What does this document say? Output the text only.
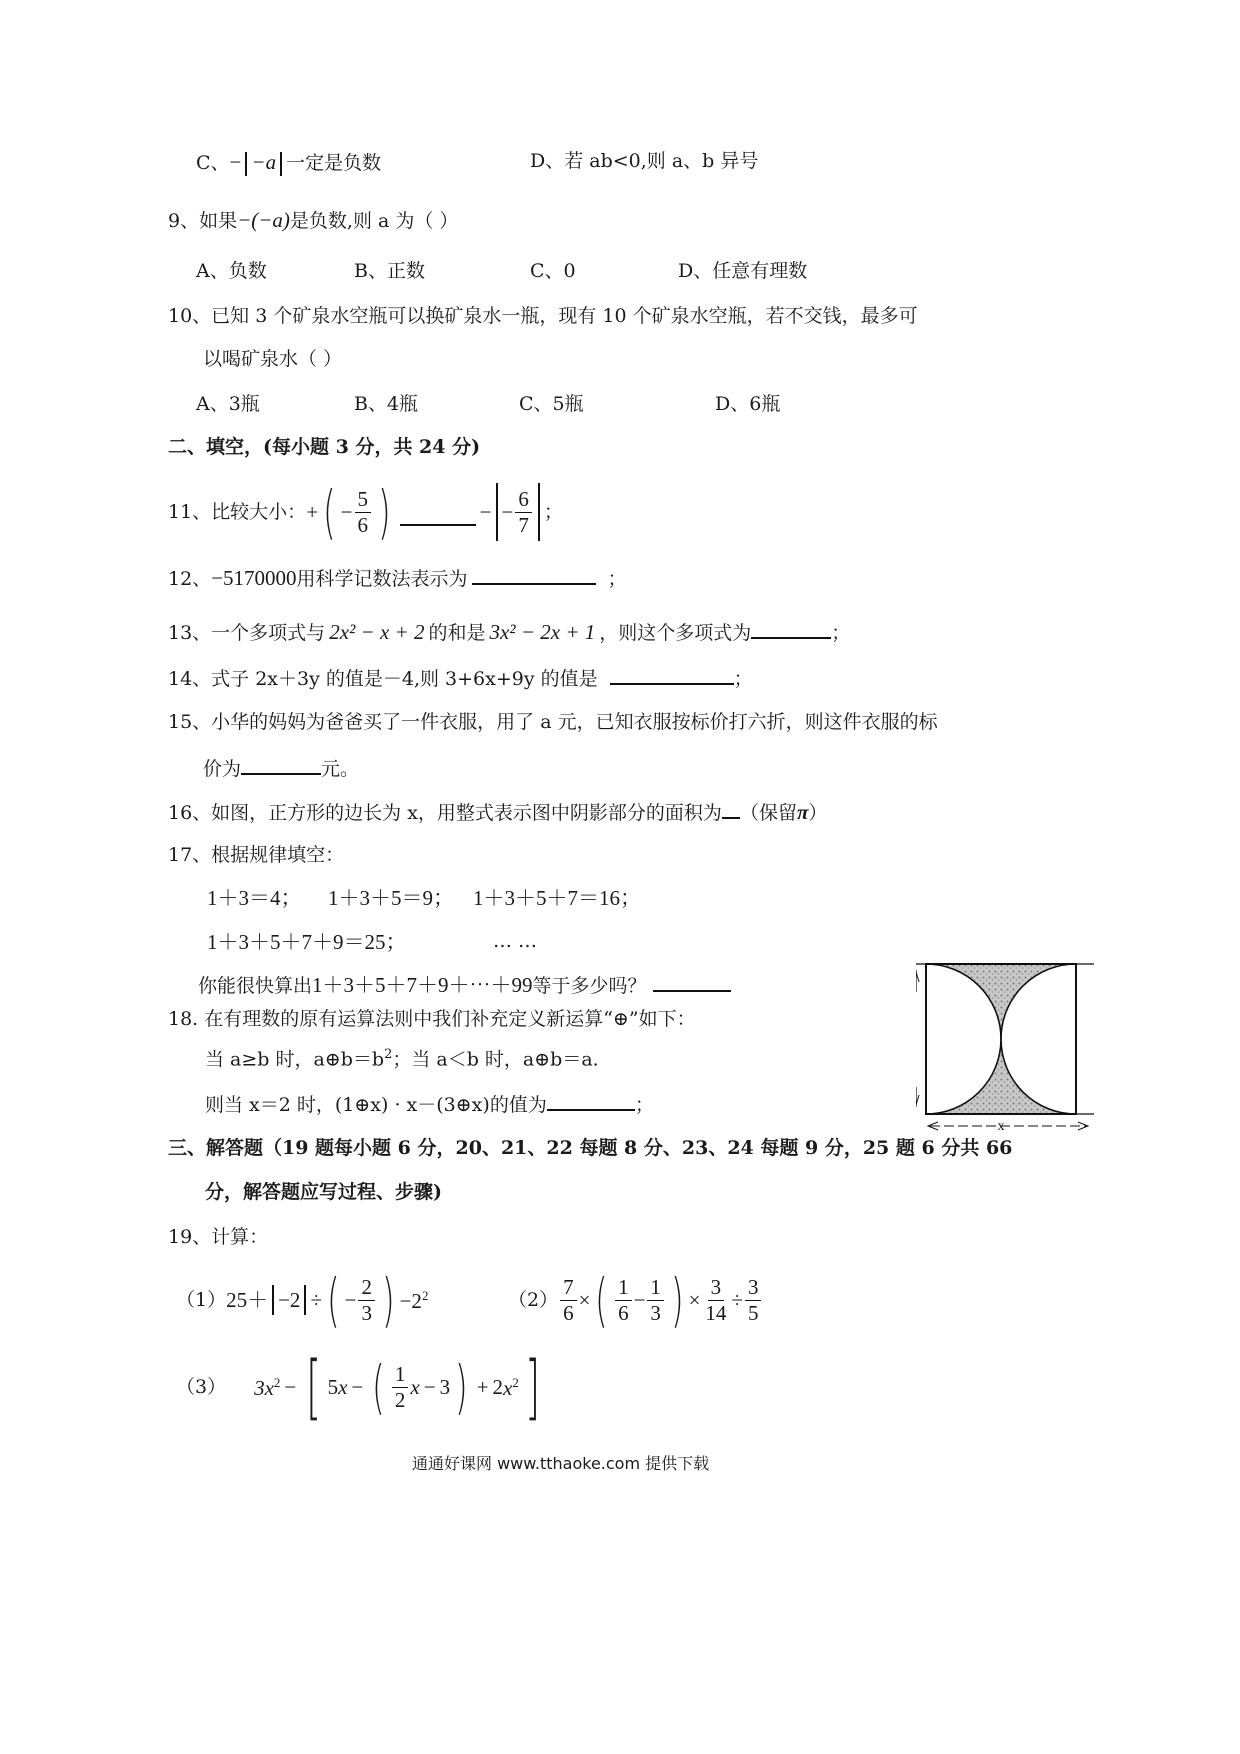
C、− −a 一定是负数	D、若 ab<0,则 a、b 异号
9、如果−(−a)是负数,则 a 为（ ）
A、负数	B、正数	C、0	D、任意有理数
10、已知 3 个矿泉水空瓶可以换矿泉水一瓶，现有 10 个矿泉水空瓶，若不交钱，最多可
以喝矿泉水（ ）
A、3瓶	B、4瓶	C、5瓶	D、6瓶
二、填空，(每小题 3 分，共 24 分)
11、比较大小： + ( − $\frac{5}{6}$ )	− − $\frac{6}{7}$ ；
12、−5170000用科学记数法表示为	；
13、一个多项式与 2x² − x + 2 的和是 3x² − 2x + 1 ，则这个多项式为	；
14、式子 2x＋3y 的值是－4,则 3+6x+9y 的值是	；
15、小华的妈妈为爸爸买了一件衣服，用了 a 元，已知衣服按标价打六折，则这件衣服的标
价为	元。
16、如图，正方形的边长为 x，用整式表示图中阴影部分的面积为 （保留π）
17、根据规律填空：
1＋3＝4； 1＋3＋5＝9； 1＋3＋5＋7＝16；
1＋3＋5＋7＋9＝25；	… …
你能很快算出1＋3＋5＋7＋9＋⋯＋99等于多少吗？
x
18. 在有理数的原有运算法则中我们补充定义新运算“⊕”如下：
当 a≥b 时，$a\oplus b=b^2$；当 a＜b 时，a⊕b＝a.
则当 x＝2 时，(1⊕x) · x－(3⊕x)的值为	；
三、解答题（19 题每小题 6 分，20、21、22 每题 8 分、23、24 每题 9 分，25 题 6 分共 66
分，解答题应写过程、步骤)
19、计算：
（1） 25＋ −2 ÷ ( − $\frac{2}{3}$ ) $-2^2$	$(2) \frac{7}{6}$ × ( $\frac{1}{6} - \frac{1}{3}$ ) × $\frac{3}{14} \div \frac{3}{5}$
（3） $3x^2$ − [ 5 x − ( $\frac{1}{2}$ x − 3 ) + 2 $x^2$ ]
通通好课网 www.tthaoke.com 提供下载
